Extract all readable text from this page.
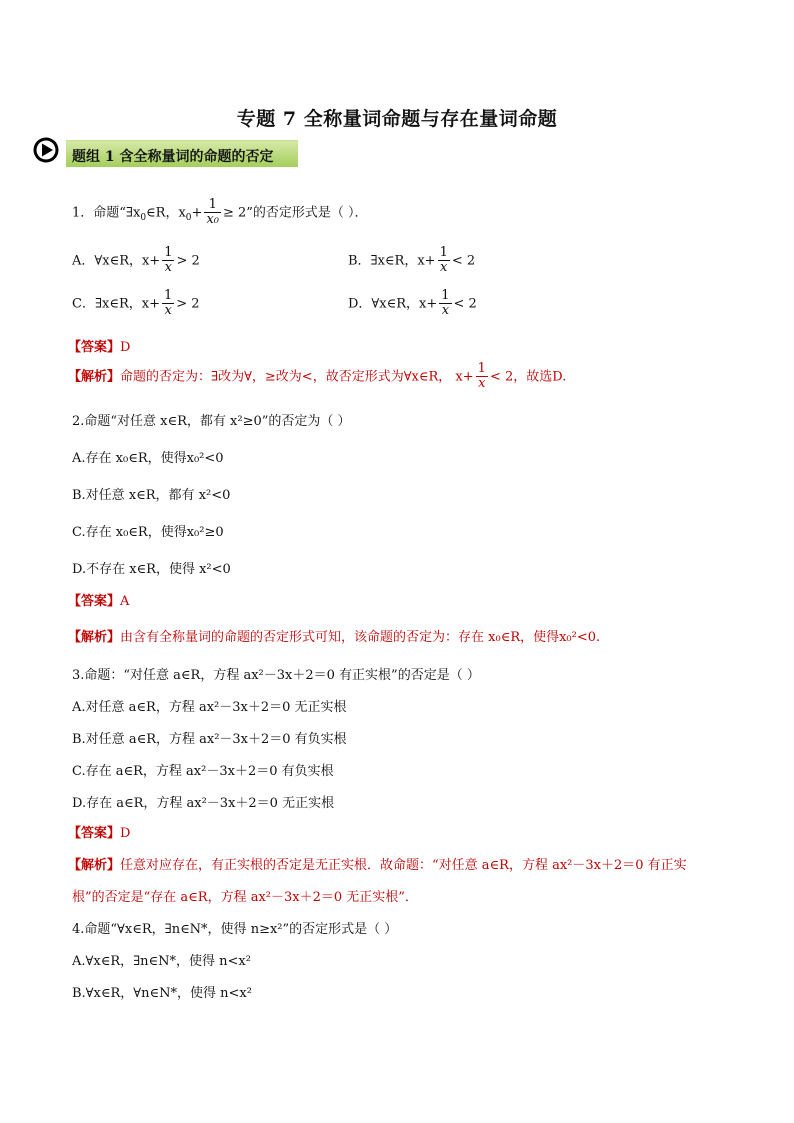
专题 7 全称量词命题与存在量词命题
题组 1 含全称量词的命题的否定
1．命题“$\exists x_0\in R$，$x_0+ \frac{1}{\text{x₀}} \ge 2$”的否定形式是（ ）．
A．∀x∈R，$x+ \frac{1}{x} > 2$	B．∃x∈R，$x+ \frac{1}{x} < 2$
C．∃x∈R，$x+ \frac{1}{x} > 2$	D．∀x∈R，$x+ \frac{1}{x} < 2$
【答案】D
【解析】命题的否定为：∃改为∀，≥改为<，故否定形式为∀x∈R， $x+ \frac{1}{x} < 2$，故选D.
2.命题“对任意 x∈R，都有 x²≥0”的否定为（ ）
A.存在 x₀∈R，使得x₀²<0
B.对任意 x∈R，都有 x²<0
C.存在 x₀∈R，使得x₀²≥0
D.不存在 x∈R，使得 x²<0
【答案】A
【解析】由含有全称量词的命题的否定形式可知，该命题的否定为：存在 x₀∈R，使得x₀²<0.
3.命题：“对任意 a∈R，方程 ax²－3x＋2＝0 有正实根”的否定是（ ）
A.对任意 a∈R，方程 ax²－3x＋2＝0 无正实根
B.对任意 a∈R，方程 ax²－3x＋2＝0 有负实根
C.存在 a∈R，方程 ax²－3x＋2＝0 有负实根
D.存在 a∈R，方程 ax²－3x＋2＝0 无正实根
【答案】D
【解析】任意对应存在，有正实根的否定是无正实根．故命题：“对任意 a∈R，方程 ax²－3x＋2＝0 有正实
根”的否定是“存在 a∈R，方程 ax²－3x＋2＝0 无正实根”．
4.命题“∀x∈R，∃n∈N*，使得 n≥x²”的否定形式是（ ）
A.∀x∈R，∃n∈N*，使得 n<x²
B.∀x∈R，∀n∈N*，使得 n<x²
